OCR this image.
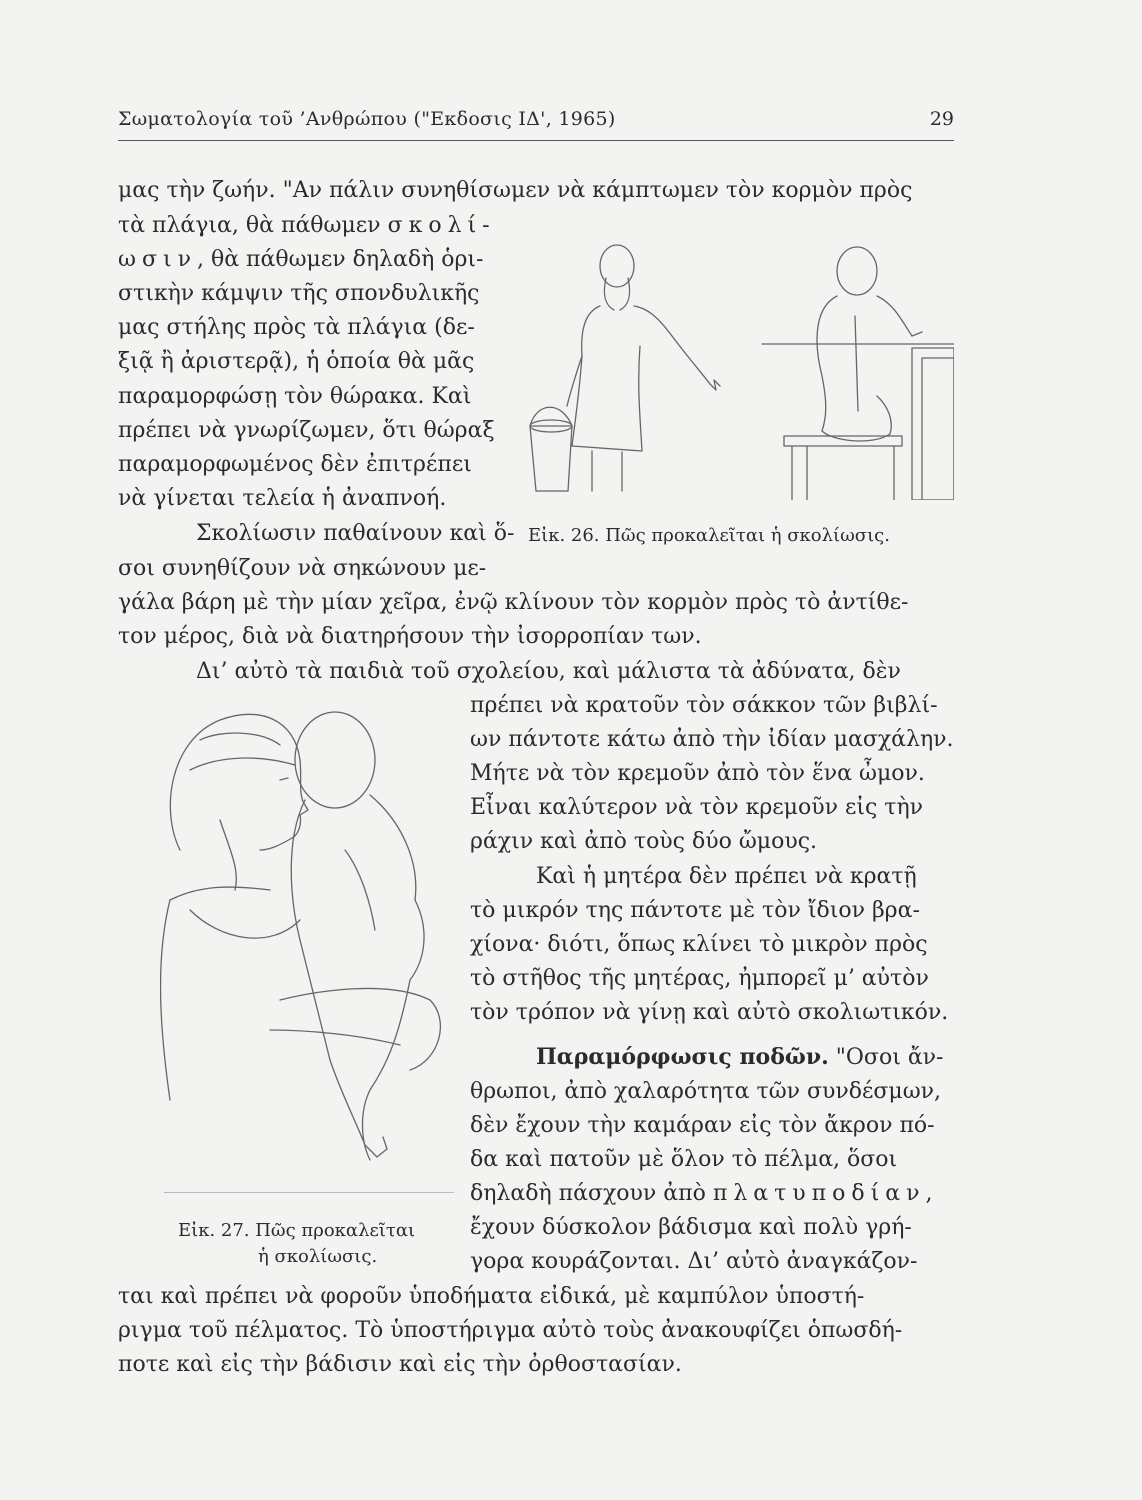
Σωματολογία τοῦ ’Ανθρώπου ("Εκδοσις ΙΔ', 1965)	29
μας τὴν ζωήν. "Αν πάλιν συνηθίσωμεν νὰ κάμπτωμεν τὸν κορμὸν πρὸς
τὰ πλάγια, θὰ πάθωμεν σκολί-
ωσιν, θὰ πάθωμεν δηλαδὴ ὁρι-
στικὴν κάμψιν τῆς σπονδυλικῆς
μας στήλης πρὸς τὰ πλάγια (δε-
ξιᾷ ἢ ἀριστερᾷ), ἡ ὁποία θὰ μᾶς
παραμορφώσῃ τὸν θώρακα. Καὶ
πρέπει νὰ γνωρίζωμεν, ὅτι θώραξ
παραμορφωμένος δὲν ἐπιτρέπει
νὰ γίνεται τελεία ἡ ἀναπνοή.
Εἰκ. 26. Πῶς προκαλεῖται ἡ σκολίωσις.
Σκολίωσιν παθαίνουν καὶ ὅ-
σοι συνηθίζουν νὰ σηκώνουν με-
γάλα βάρη μὲ τὴν μίαν χεῖρα, ἐνῷ κλίνουν τὸν κορμὸν πρὸς τὸ ἀντίθε-
τον μέρος, διὰ νὰ διατηρήσουν τὴν ἰσορροπίαν των.
Δι’ αὐτὸ τὰ παιδιὰ τοῦ σχολείου, καὶ μάλιστα τὰ ἀδύνατα, δὲν
πρέπει νὰ κρατοῦν τὸν σάκκον τῶν βιβλί-
ων πάντοτε κάτω ἀπὸ τὴν ἰδίαν μασχάλην.
Μήτε νὰ τὸν κρεμοῦν ἀπὸ τὸν ἕνα ὦμον.
Εἶναι καλύτερον νὰ τὸν κρεμοῦν εἰς τὴν
ράχιν καὶ ἀπὸ τοὺς δύο ὤμους.
Καὶ ἡ μητέρα δὲν πρέπει νὰ κρατῇ
τὸ μικρόν της πάντοτε μὲ τὸν ἴδιον βρα-
χίονα· διότι, ὅπως κλίνει τὸ μικρὸν πρὸς
τὸ στῆθος τῆς μητέρας, ἠμπορεῖ μ’ αὐτὸν
τὸν τρόπον νὰ γίνῃ καὶ αὐτὸ σκολιωτικόν.
Εἰκ. 27. Πῶς προκαλεῖται
ἡ σκολίωσις.
Παραμόρφωσις ποδῶν. "Οσοι ἄν-
θρωποι, ἀπὸ χαλαρότητα τῶν συνδέσμων,
δὲν ἔχουν τὴν καμάραν εἰς τὸν ἄκρον πό-
δα καὶ πατοῦν μὲ ὅλον τὸ πέλμα, ὅσοι
δηλαδὴ πάσχουν ἀπὸ πλατυποδίαν,
ἔχουν δύσκολον βάδισμα καὶ πολὺ γρή-
γορα κουράζονται. Δι’ αὐτὸ ἀναγκάζον-
ται καὶ πρέπει νὰ φοροῦν ὑποδήματα εἰδικά, μὲ καμπύλον ὑποστή-
ριγμα τοῦ πέλματος. Τὸ ὑποστήριγμα αὐτὸ τοὺς ἀνακουφίζει ὁπωσδή-
ποτε καὶ εἰς τὴν βάδισιν καὶ εἰς τὴν ὀρθοστασίαν.
